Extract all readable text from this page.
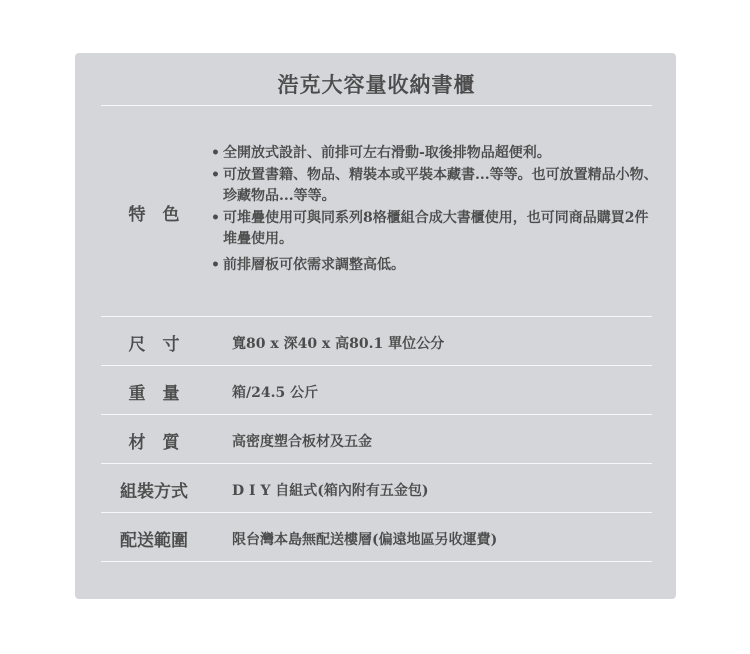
浩克大容量收納書櫃
特　色
• 全開放式設計、前排可左右滑動-取後排物品超便利。
• 可放置書籍、物品、精裝本或平裝本藏書...等等。也可放置精品小物、珍藏物品...等等。
• 可堆疊使用可與同系列8格櫃組合成大書櫃使用，也可同商品購買2件堆疊使用。
• 前排層板可依需求調整高低。
尺　寸	寬80 x 深40 x 高80.1 單位公分
重　量	箱/24.5 公斤
材　質	高密度塑合板材及五金
組裝方式	D I Y 自組式(箱內附有五金包)
配送範圍	限台灣本島無配送樓層(偏遠地區另收運費)
